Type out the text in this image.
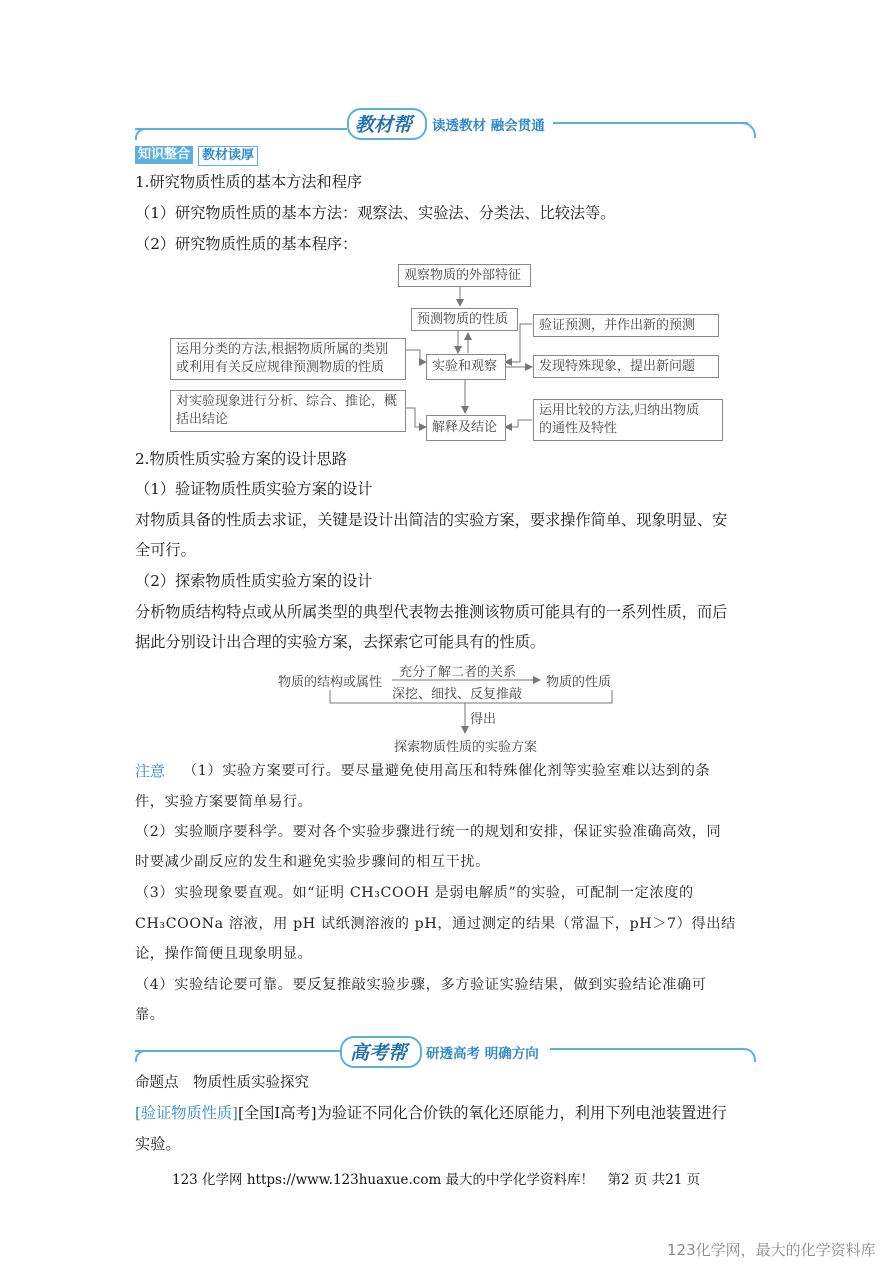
教材帮 读透教材 融会贯通
知识整合 教材读厚
1.研究物质性质的基本方法和程序
（1）研究物质性质的基本方法：观察法、实验法、分类法、比较法等。
（2）研究物质性质的基本程序：
观察物质的外部特征
预测物质的性质	验证预测，并作出新的预测
运用分类的方法,根据物质所属的类别
或利用有关反应规律预测物质的性质	实验和观察	发现特殊现象，提出新问题
对实验现象进行分析、综合、推论，概
括出结论
解释及结论
运用比较的方法,归纳出物质
的通性及特性
2.物质性质实验方案的设计思路
（1）验证物质性质实验方案的设计
对物质具备的性质去求证，关键是设计出简洁的实验方案，要求操作简单、现象明显、安
全可行。
（2）探索物质性质实验方案的设计
分析物质结构特点或从所属类型的典型代表物去推测该物质可能具有的一系列性质，而后
据此分别设计出合理的实验方案，去探索它可能具有的性质。
物质的结构或属性
充分了解二者的关系
深挖、细找、反复推敲
物质的性质
得出
探索物质性质的实验方案
注意 （1）实验方案要可行。要尽量避免使用高压和特殊催化剂等实验室难以达到的条
件，实验方案要简单易行。
（2）实验顺序要科学。要对各个实验步骤进行统一的规划和安排，保证实验准确高效，同
时要减少副反应的发生和避免实验步骤间的相互干扰。
（3）实验现象要直观。如“证明 CH₃COOH 是弱电解质”的实验，可配制一定浓度的
CH₃COONa 溶液，用 pH 试纸测溶液的 pH，通过测定的结果（常温下，pH＞7）得出结
论，操作简便且现象明显。
（4）实验结论要可靠。要反复推敲实验步骤，多方验证实验结果，做到实验结论准确可
靠。
高考帮 研透高考 明确方向
命题点　物质性质实验探究
[验证物质性质][全国Ⅰ高考]为验证不同化合价铁的氧化还原能力，利用下列电池装置进行
实验。
123 化学网 https://www.123huaxue.com 最大的中学化学资料库！　第2 页 共21 页
123化学网，最大的化学资料库
